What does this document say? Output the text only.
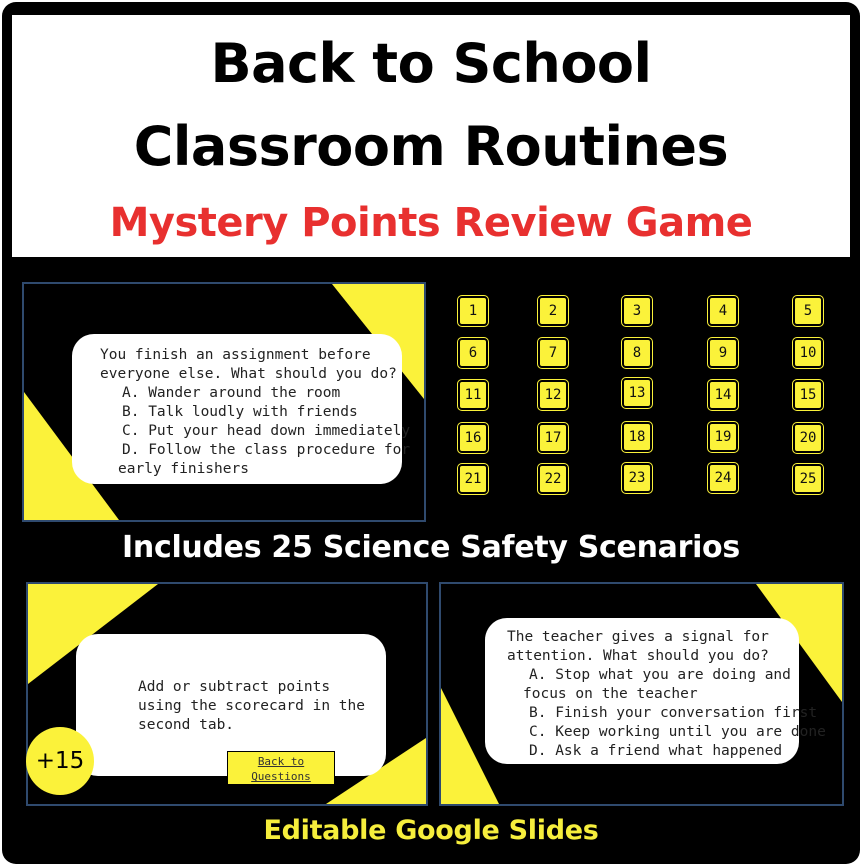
Back to School
Classroom Routines
Mystery Points Review Game
You finish an assignment before
everyone else. What should you do?
A. Wander around the room
B. Talk loudly with friends
C. Put your head down immediately
D. Follow the class procedure for
early finishers
1	2	3	4	5
6	7	8	9	10
11	12	13	14	15
16	17	18	19	20
21	22	23	24	25
Includes 25 Science Safety Scenarios
Add or subtract points
using the scorecard in the
second tab.
+15	Back to
Questions
The teacher gives a signal for
attention. What should you do?
A. Stop what you are doing and
focus on the teacher
B. Finish your conversation first
C. Keep working until you are done
D. Ask a friend what happened
Editable Google Slides
